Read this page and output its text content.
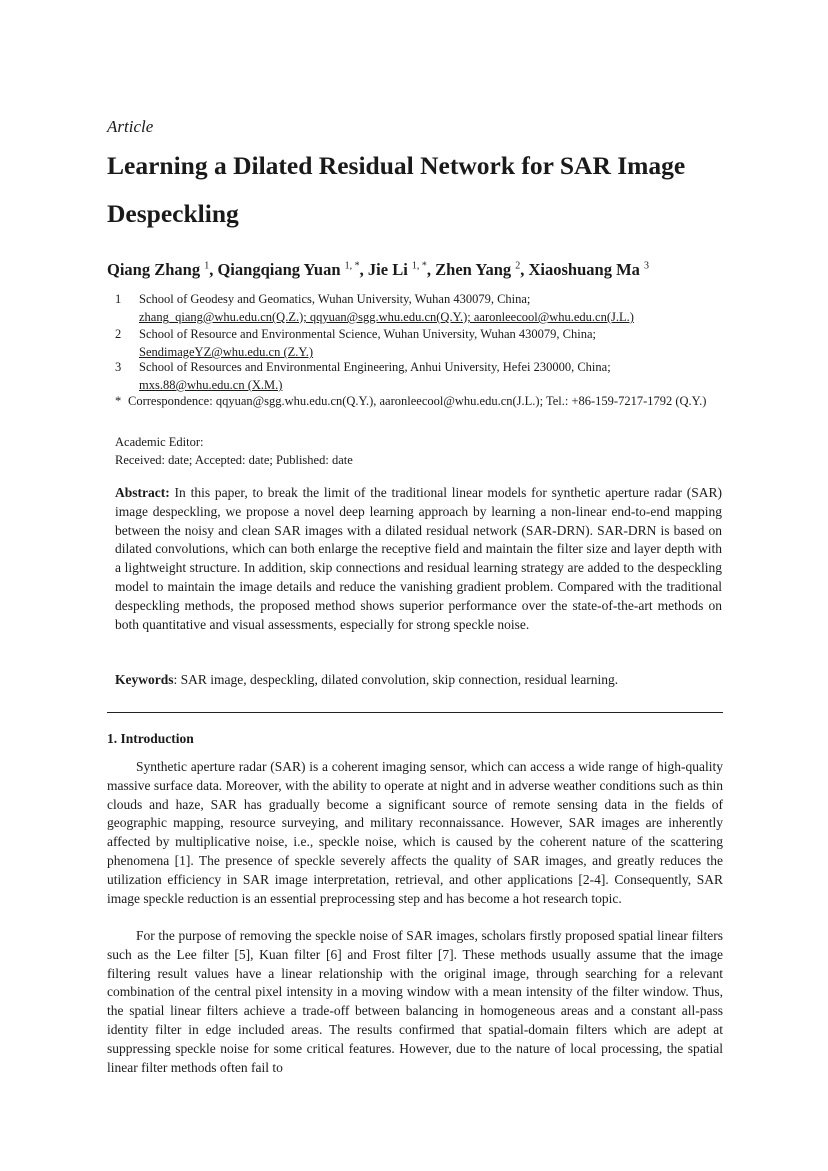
Article
Learning a Dilated Residual Network for SAR Image Despeckling
Qiang Zhang $^1$, Qiangqiang Yuan $^{1, *}$, Jie Li $^{1, *}$, Zhen Yang $^2$, Xiaoshuang Ma $^3$
1	School of Geodesy and Geomatics, Wuhan University, Wuhan 430079, China;
zhang_qiang@whu.edu.cn(Q.Z.); qqyuan@sgg.whu.edu.cn(Q.Y.); aaronleecool@whu.edu.cn(J.L.)
2	School of Resource and Environmental Science, Wuhan University, Wuhan 430079, China;
SendimageYZ@whu.edu.cn (Z.Y.)
3	School of Resources and Environmental Engineering, Anhui University, Hefei 230000, China;
mxs.88@whu.edu.cn (X.M.)
* Correspondence: qqyuan@sgg.whu.edu.cn(Q.Y.), aaronleecool@whu.edu.cn(J.L.); Tel.: +86-159-7217-1792 (Q.Y.)
Academic Editor:
Received: date; Accepted: date; Published: date
Abstract: In this paper, to break the limit of the traditional linear models for synthetic aperture radar (SAR) image despeckling, we propose a novel deep learning approach by learning a non-linear end-to-end mapping between the noisy and clean SAR images with a dilated residual network (SAR-DRN). SAR-DRN is based on dilated convolutions, which can both enlarge the receptive field and maintain the filter size and layer depth with a lightweight structure. In addition, skip connections and residual learning strategy are added to the despeckling model to maintain the image details and reduce the vanishing gradient problem. Compared with the traditional despeckling methods, the proposed method shows superior performance over the state-of-the-art methods on both quantitative and visual assessments, especially for strong speckle noise.
Keywords: SAR image, despeckling, dilated convolution, skip connection, residual learning.
1. Introduction
Synthetic aperture radar (SAR) is a coherent imaging sensor, which can access a wide range of high-quality massive surface data. Moreover, with the ability to operate at night and in adverse weather conditions such as thin clouds and haze, SAR has gradually become a significant source of remote sensing data in the fields of geographic mapping, resource surveying, and military reconnaissance. However, SAR images are inherently affected by multiplicative noise, i.e., speckle noise, which is caused by the coherent nature of the scattering phenomena [1]. The presence of speckle severely affects the quality of SAR images, and greatly reduces the utilization efficiency in SAR image interpretation, retrieval, and other applications [2-4]. Consequently, SAR image speckle reduction is an essential preprocessing step and has become a hot research topic.
For the purpose of removing the speckle noise of SAR images, scholars firstly proposed spatial linear filters such as the Lee filter [5], Kuan filter [6] and Frost filter [7]. These methods usually assume that the image filtering result values have a linear relationship with the original image, through searching for a relevant combination of the central pixel intensity in a moving window with a mean intensity of the filter window. Thus, the spatial linear filters achieve a trade-off between balancing in homogeneous areas and a constant all-pass identity filter in edge included areas. The results confirmed that spatial-domain filters which are adept at suppressing speckle noise for some critical features. However, due to the nature of local processing, the spatial linear filter methods often fail to
